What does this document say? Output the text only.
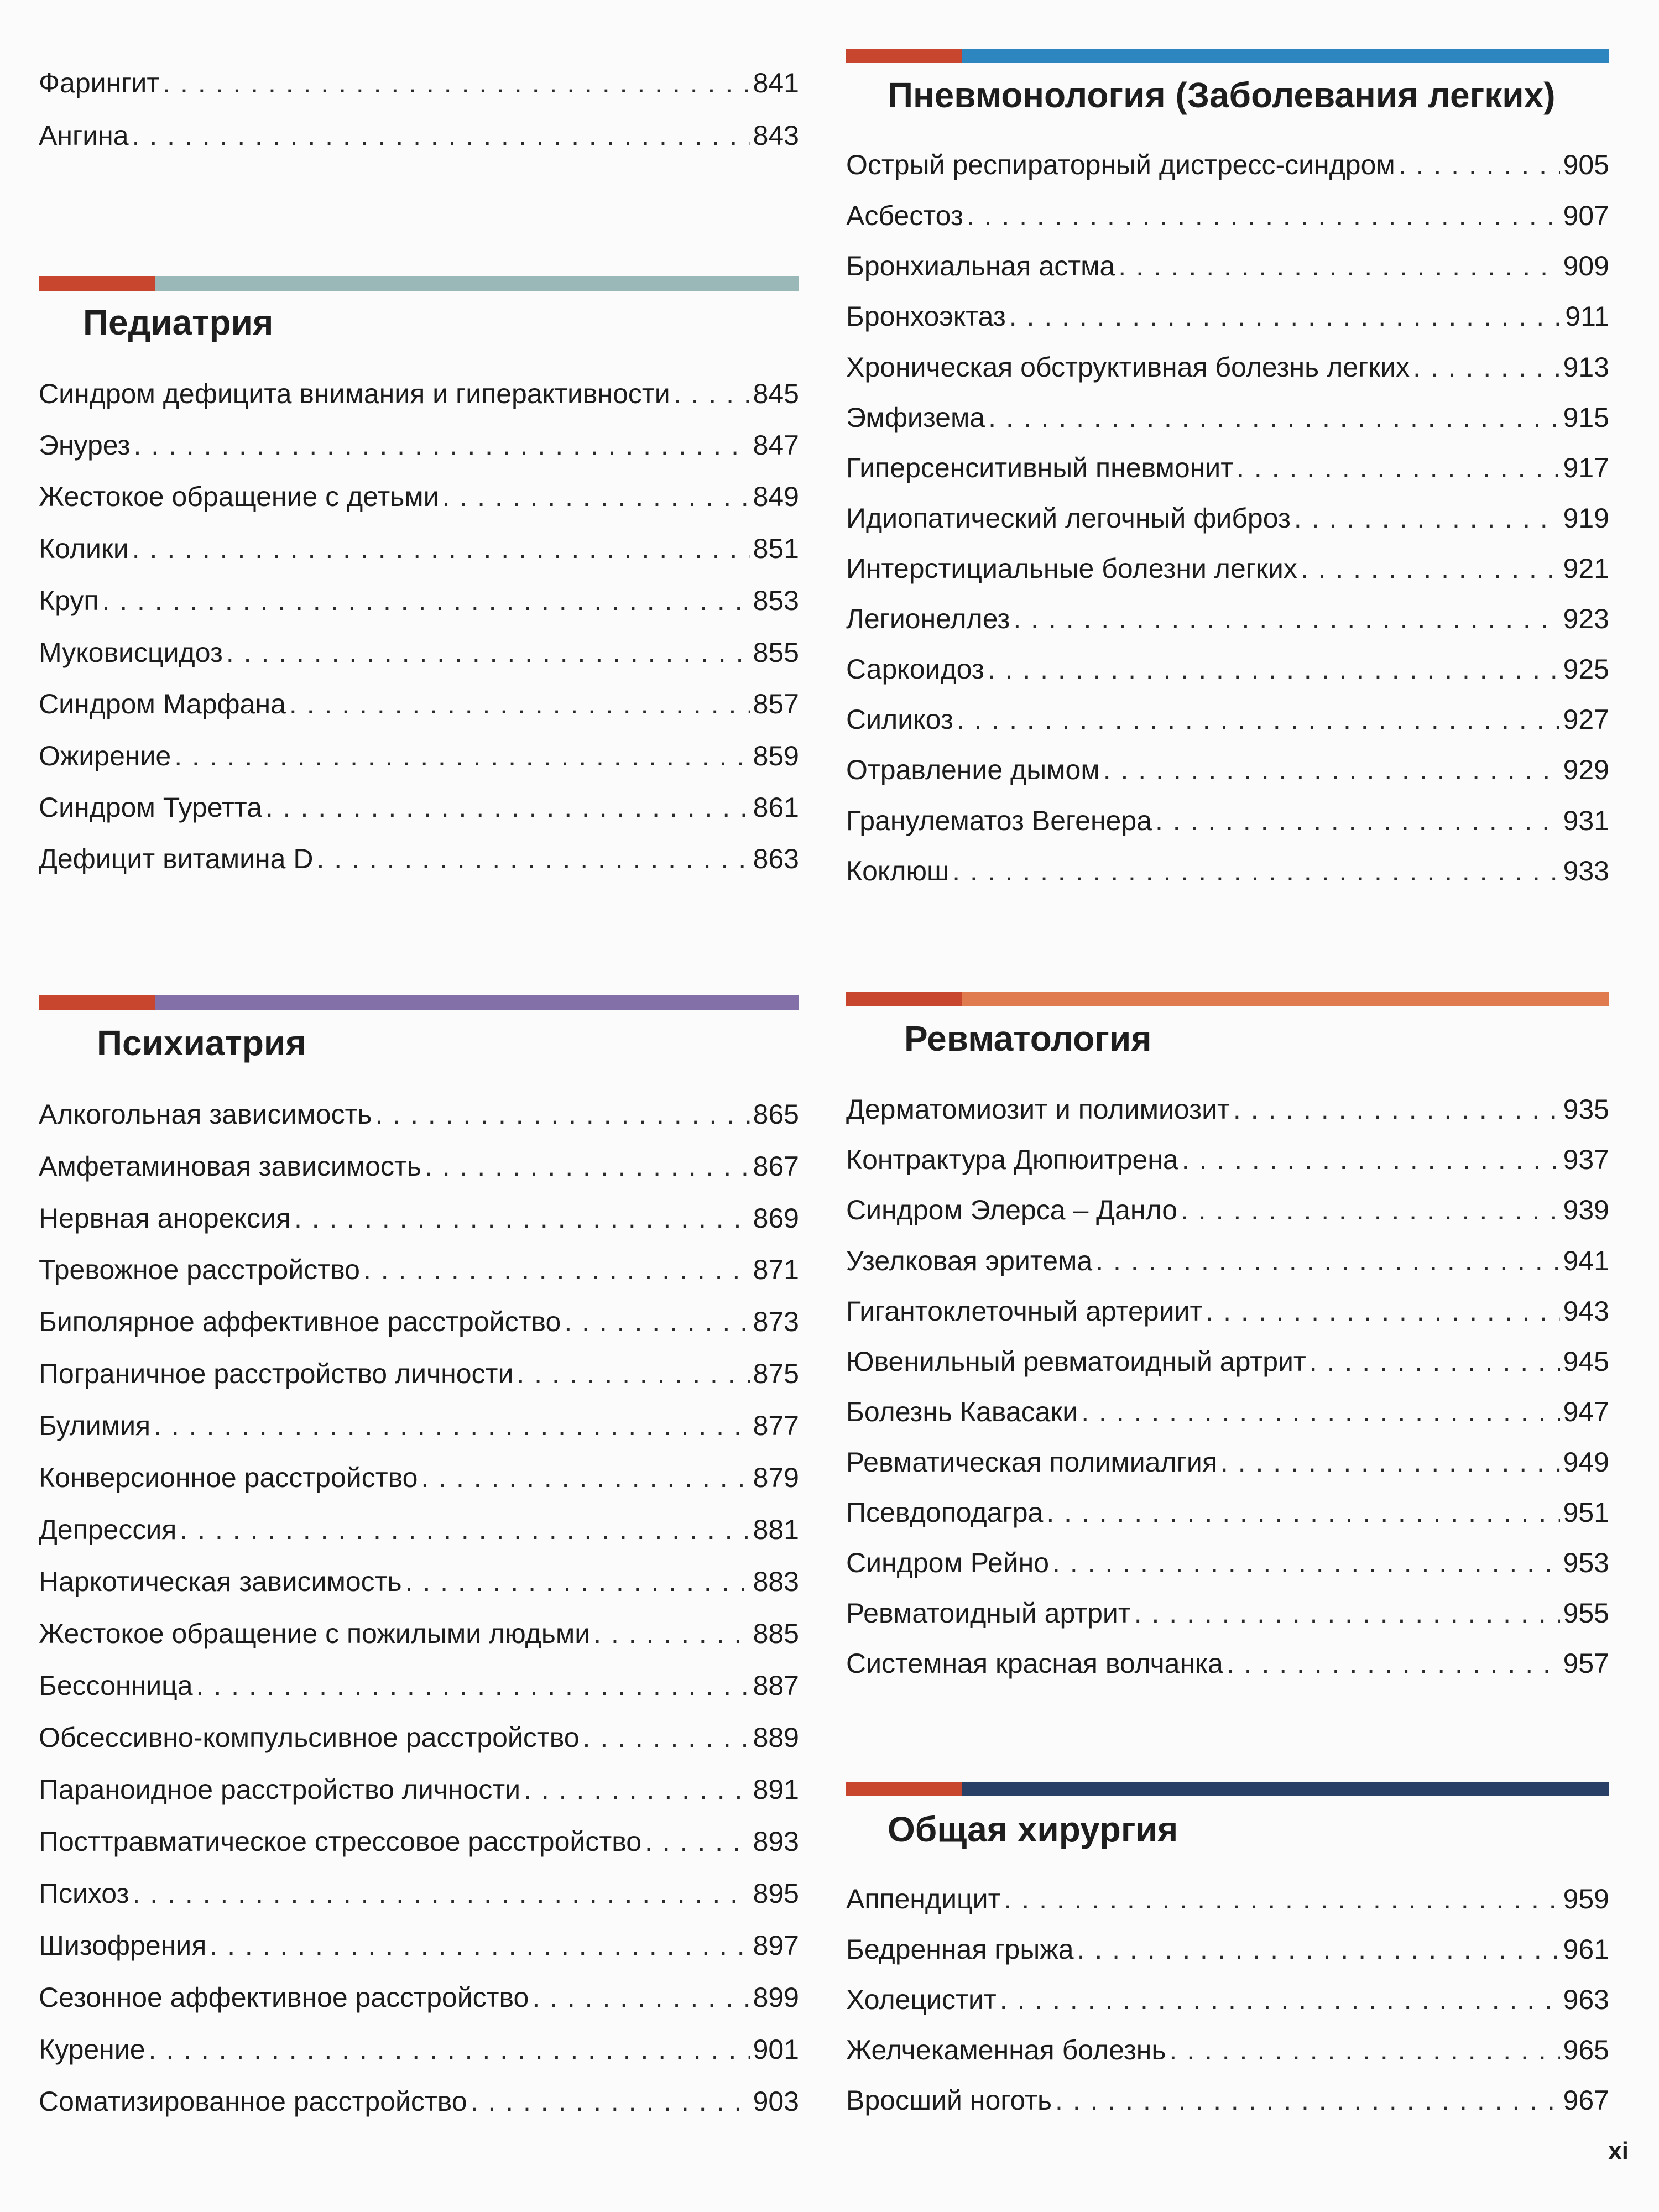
Фарингит . . .	841
Ангина . . .	843
Педиатрия
Синдром дефицита внимания и гиперактивности . . .	845
Энурез . . .	847
Жестокое обращение с детьми . . .	849
Колики . . .	851
Круп . . .	853
Муковисцидоз . . .	855
Синдром Марфана . . .	857
Ожирение . . .	859
Синдром Туретта . . .	861
Дефицит витамина D . . .	863
Психиатрия
Алкогольная зависимость . . .	865
Амфетаминовая зависимость . . .	867
Нервная анорексия . . .	869
Тревожное расстройство . . .	871
Биполярное аффективное расстройство . . .	873
Пограничное расстройство личности . . .	875
Булимия . . .	877
Конверсионное расстройство . . .	879
Депрессия . . .	881
Наркотическая зависимость . . .	883
Жестокое обращение с пожилыми людьми . . .	885
Бессонница . . .	887
Обсессивно-компульсивное расстройство . . .	889
Параноидное расстройство личности . . .	891
Посттравматическое стрессовое расстройство . . .	893
Психоз . . .	895
Шизофрения . . .	897
Сезонное аффективное расстройство . . .	899
Курение . . .	901
Соматизированное расстройство . . .	903
Пневмонология (Заболевания легких)
Острый респираторный дистресс-синдром . . .	905
Асбестоз . . .	907
Бронхиальная астма . . .	909
Бронхоэктаз . . .	911
Хроническая обструктивная болезнь легких . . .	913
Эмфизема . . .	915
Гиперсенситивный пневмонит . . .	917
Идиопатический легочный фиброз . . .	919
Интерстициальные болезни легких . . .	921
Легионеллез . . .	923
Саркоидоз . . .	925
Силикоз . . .	927
Отравление дымом . . .	929
Гранулематоз Вегенера . . .	931
Коклюш . . .	933
Ревматология
Дерматомиозит и полимиозит . . .	935
Контрактура Дюпюитрена . . .	937
Синдром Элерса – Данло . . .	939
Узелковая эритема . . .	941
Гигантоклеточный артериит . . .	943
Ювенильный ревматоидный артрит . . .	945
Болезнь Кавасаки . . .	947
Ревматическая полимиалгия . . .	949
Псевдоподагра . . .	951
Синдром Рейно . . .	953
Ревматоидный артрит . . .	955
Системная красная волчанка . . .	957
Общая хирургия
Аппендицит . . .	959
Бедренная грыжа . . .	961
Холецистит . . .	963
Желчекаменная болезнь . . .	965
Вросший ноготь . . .	967
xi
